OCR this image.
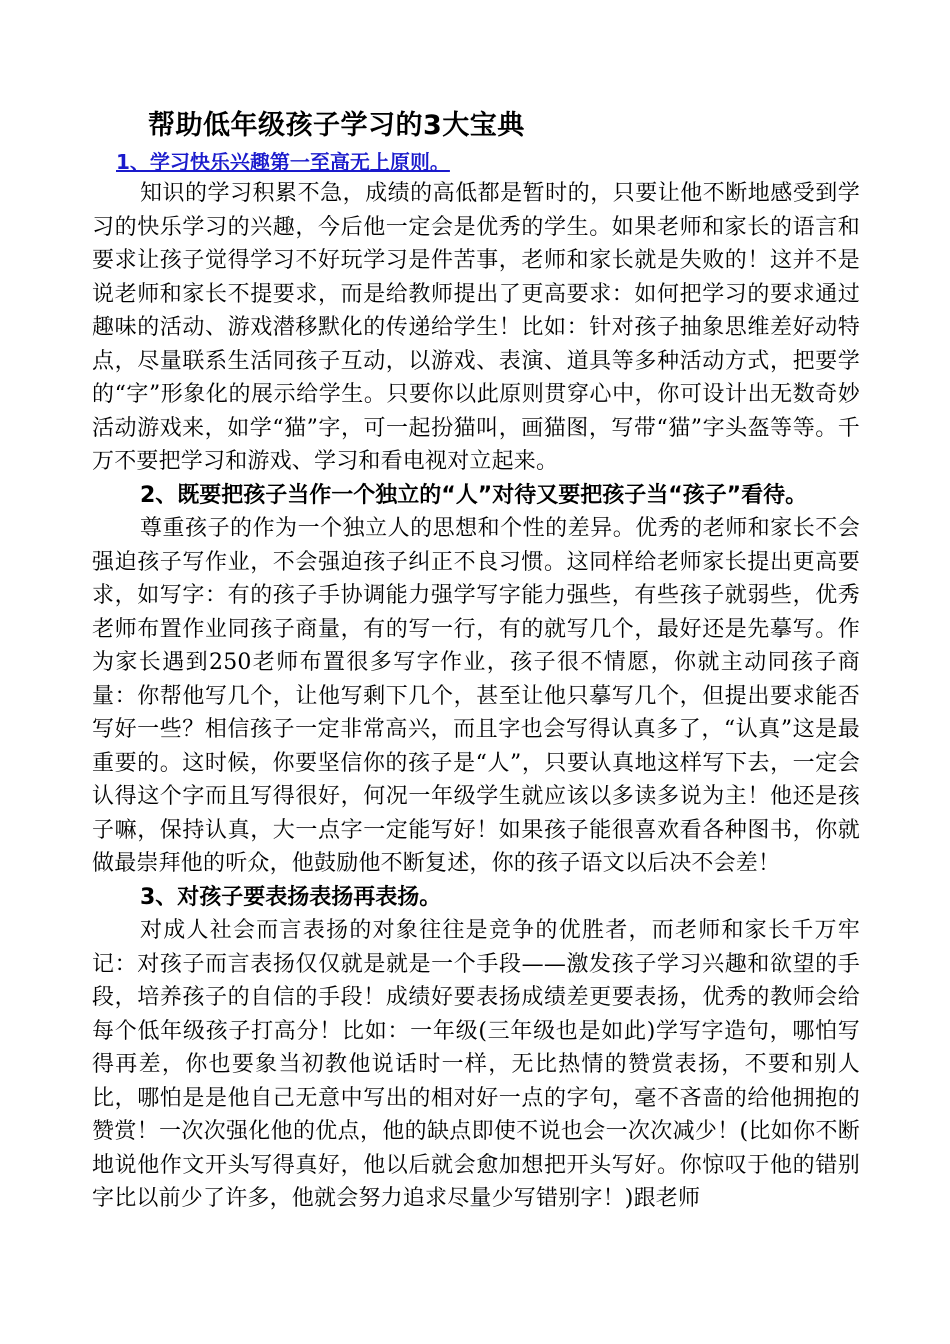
帮助低年级孩子学习的3大宝典
1、学习快乐兴趣第一至高无上原则。

知识的学习积累不急，成绩的高低都是暂时的，只要让他不断地感受到学习的快乐学习的兴趣，今后他一定会是优秀的学生。如果老师和家长的语言和要求让孩子觉得学习不好玩学习是件苦事，老师和家长就是失败的！这并不是说老师和家长不提要求，而是给教师提出了更高要求：如何把学习的要求通过趣味的活动、游戏潜移默化的传递给学生！比如：针对孩子抽象思维差好动特点，尽量联系生活同孩子互动，以游戏、表演、道具等多种活动方式，把要学的“字”形象化的展示给学生。只要你以此原则贯穿心中，你可设计出无数奇妙活动游戏来，如学“猫”字，可一起扮猫叫，画猫图，写带“猫”字头盔等等。千万不要把学习和游戏、学习和看电视对立起来。

2、既要把孩子当作一个独立的“人”对待又要把孩子当“孩子”看待。

尊重孩子的作为一个独立人的思想和个性的差异。优秀的老师和家长不会强迫孩子写作业，不会强迫孩子纠正不良习惯。这同样给老师家长提出更高要求，如写字：有的孩子手协调能力强学写字能力强些，有些孩子就弱些，优秀老师布置作业同孩子商量，有的写一行，有的就写几个，最好还是先摹写。作为家长遇到250老师布置很多写字作业，孩子很不情愿，你就主动同孩子商量：你帮他写几个，让他写剩下几个，甚至让他只摹写几个，但提出要求能否写好一些？相信孩子一定非常高兴，而且字也会写得认真多了，“认真”这是最重要的。这时候，你要坚信你的孩子是“人”，只要认真地这样写下去，一定会认得这个字而且写得很好，何况一年级学生就应该以多读多说为主！他还是孩子嘛，保持认真，大一点字一定能写好！如果孩子能很喜欢看各种图书，你就做最崇拜他的听众，他鼓励他不断复述，你的孩子语文以后决不会差！

3、对孩子要表扬表扬再表扬。

对成人社会而言表扬的对象往往是竞争的优胜者，而老师和家长千万牢记：对孩子而言表扬仅仅就是就是一个手段——激发孩子学习兴趣和欲望的手段，培养孩子的自信的手段！成绩好要表扬成绩差更要表扬，优秀的教师会给每个低年级孩子打高分！比如：一年级(三年级也是如此)学写字造句，哪怕写得再差，你也要象当初教他说话时一样，无比热情的赞赏表扬，不要和别人比，哪怕是是他自己无意中写出的相对好一点的字句，毫不吝啬的给他拥抱的赞赏！一次次强化他的优点，他的缺点即使不说也会一次次减少！(比如你不断地说他作文开头写得真好，他以后就会愈加想把开头写好。你惊叹于他的错别字比以前少了许多，他就会努力追求尽量少写错别字！)跟老师
